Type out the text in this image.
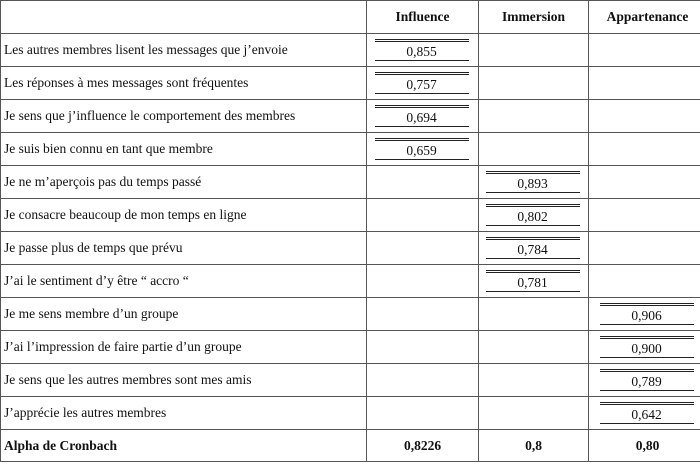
	Influence	Immersion	Appartenance
Les autres membres lisent les messages que j’envoie	0,855		
Les réponses à mes messages sont fréquentes	0,757		
Je sens que j’influence le comportement des membres	0,694		
Je suis bien connu en tant que membre	0,659		
Je ne m’aperçois pas du temps passé		0,893	
Je consacre beaucoup de mon temps en ligne		0,802	
Je passe plus de temps que prévu		0,784	
J’ai le sentiment d’y être “ accro “		0,781	
Je me sens membre d’un groupe			0,906
J’ai l’impression de faire partie d’un groupe			0,900
Je sens que les autres membres sont mes amis			0,789
J’apprécie les autres membres			0,642
Alpha de Cronbach	0,8226	0,8	0,80
